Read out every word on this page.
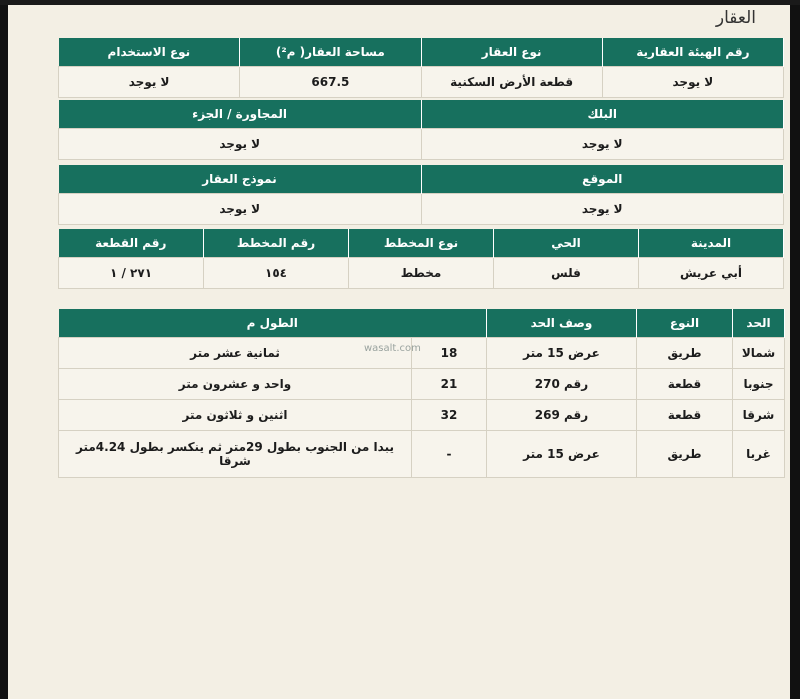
العقار
رقم الهيئة العقارية	نوع العقار	مساحة العقار( م²)	نوع الاستخدام
لا يوجد	قطعة الأرض السكنية	667.5	لا يوجد
البلك	المجاورة / الجزء
لا يوجد	لا يوجد
الموقع	نموذج العقار
لا يوجد	لا يوجد
المدينة	الحي	نوع المخطط	رقم المخطط	رقم القطعة
أبي عريش	فلس	مخطط	١٥٤	٢٧١ / ١
الحد	النوع	وصف الحد	الطول م	
شمالا	طريق	عرض 15 متر	18	ثمانية عشر متر
جنوبا	قطعة	رقم 270	21	واحد و عشرون متر
شرقا	قطعة	رقم 269	32	اثنين و ثلاثون متر
غربا	طريق	عرض 15 متر	-	يبدا من الجنوب بطول 29متر ثم ينكسر بطول 4.24متر شرقا
wasalt.com
